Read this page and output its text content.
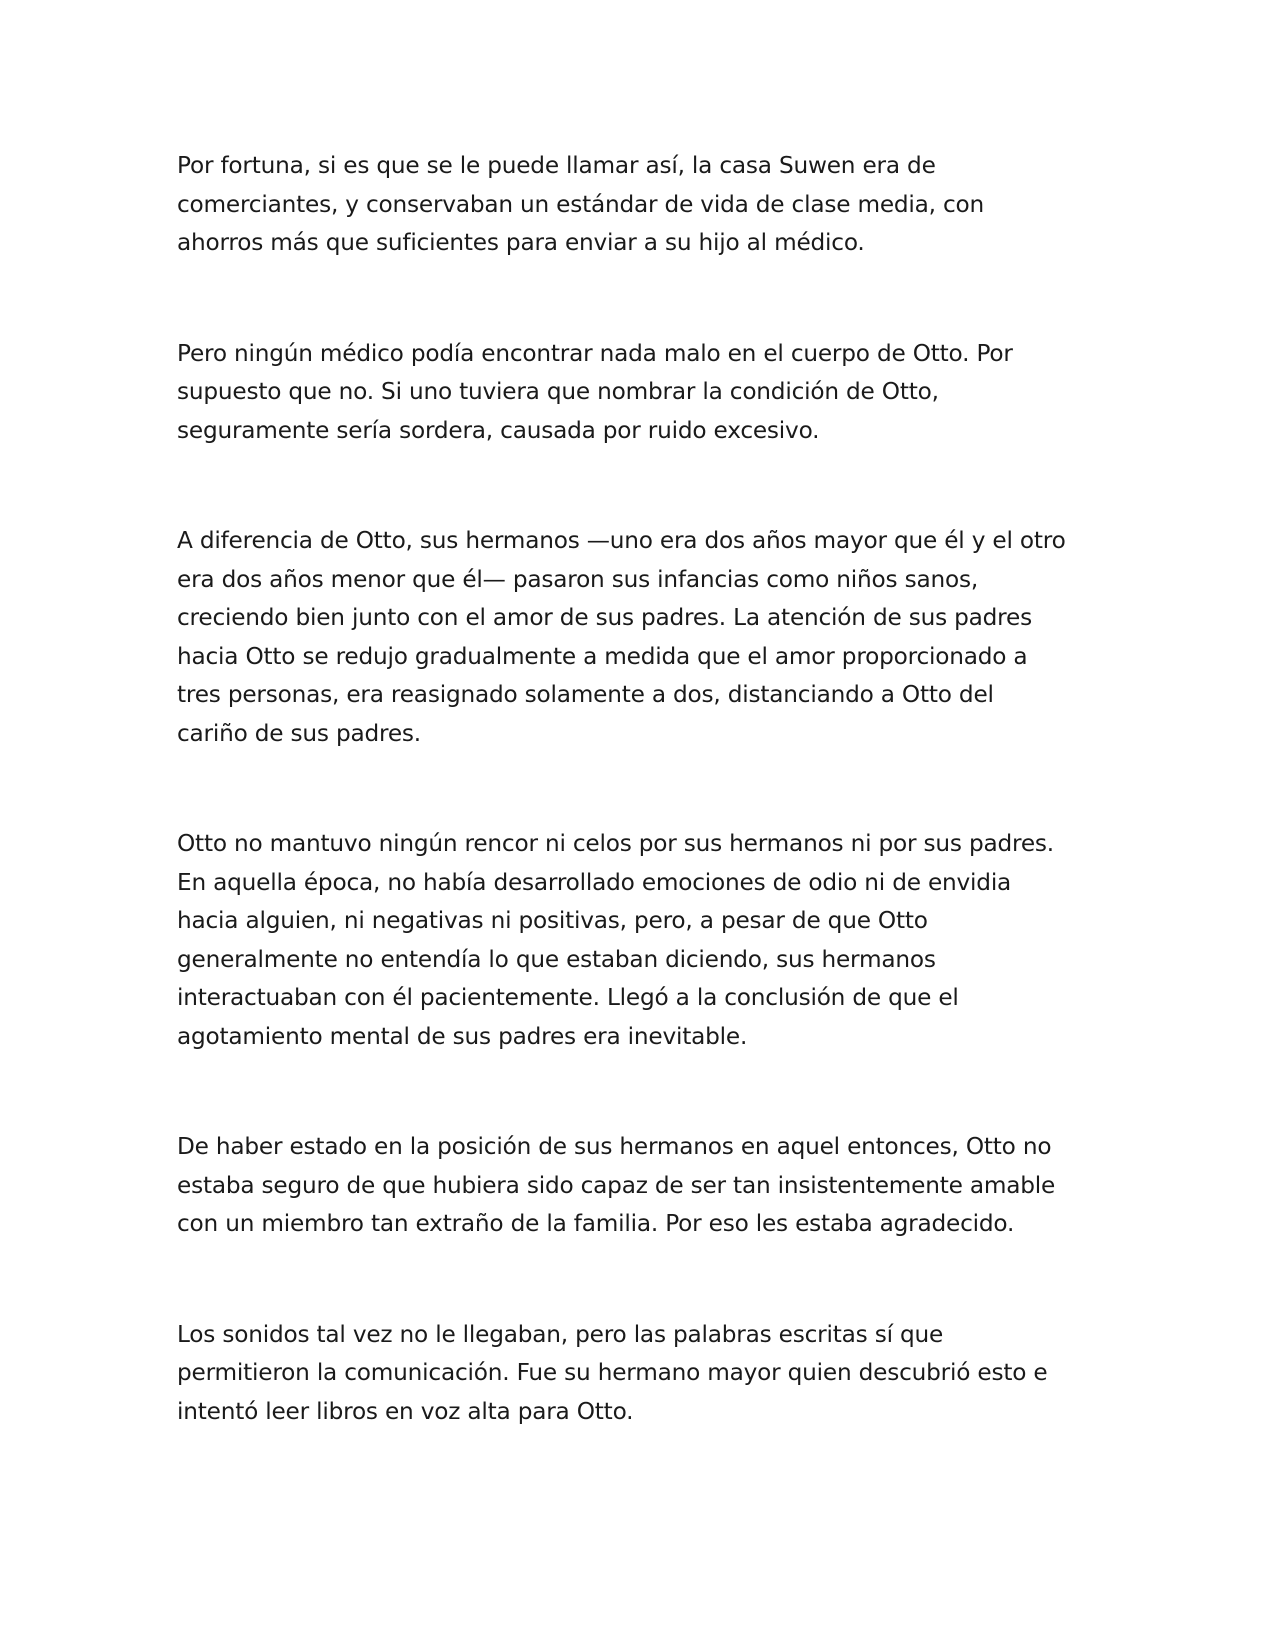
Por fortuna, si es que se le puede llamar así, la casa Suwen era de
comerciantes, y conservaban un estándar de vida de clase media, con
ahorros más que suficientes para enviar a su hijo al médico.

Pero ningún médico podía encontrar nada malo en el cuerpo de Otto. Por
supuesto que no. Si uno tuviera que nombrar la condición de Otto,
seguramente sería sordera, causada por ruido excesivo.

A diferencia de Otto, sus hermanos —uno era dos años mayor que él y el otro
era dos años menor que él— pasaron sus infancias como niños sanos,
creciendo bien junto con el amor de sus padres. La atención de sus padres
hacia Otto se redujo gradualmente a medida que el amor proporcionado a
tres personas, era reasignado solamente a dos, distanciando a Otto del
cariño de sus padres.

Otto no mantuvo ningún rencor ni celos por sus hermanos ni por sus padres.
En aquella época, no había desarrollado emociones de odio ni de envidia
hacia alguien, ni negativas ni positivas, pero, a pesar de que Otto
generalmente no entendía lo que estaban diciendo, sus hermanos
interactuaban con él pacientemente. Llegó a la conclusión de que el
agotamiento mental de sus padres era inevitable.

De haber estado en la posición de sus hermanos en aquel entonces, Otto no
estaba seguro de que hubiera sido capaz de ser tan insistentemente amable
con un miembro tan extraño de la familia. Por eso les estaba agradecido.

Los sonidos tal vez no le llegaban, pero las palabras escritas sí que
permitieron la comunicación. Fue su hermano mayor quien descubrió esto e
intentó leer libros en voz alta para Otto.
